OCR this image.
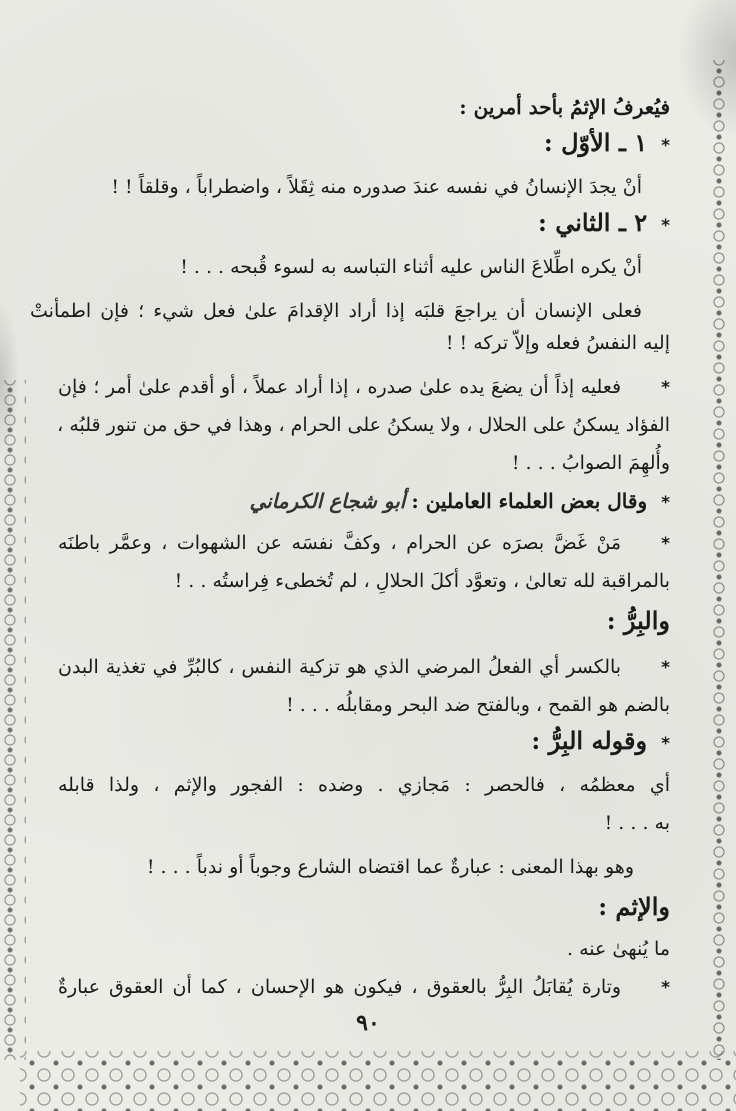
فيُعرفُ الإثمُ بأحد أمرين :
*١ ـ الأوّل :
أنْ يجدَ الإنسانُ في نفسه عندَ صدوره منه ثِقَلاً ، واضطراباً ، وقلقاً ! !
*٢ ـ الثاني :
أنْ يكره اطِّلاعَ الناس عليه أثناء التباسه به لسوء قُبحه . . . !
فعلى الإنسان أن يراجعَ قلبَه إذا أراد الإقدامَ علىٰ فعل شيء ؛ فإن اطمأنتْ
إليه النفسُ فعله وإلاّ تركه ! !
*فعليه إذاً أن يضعَ يده علىٰ صدره ، إذا أراد عملاً ، أو أقدم علىٰ أمر ؛ فإن
الفؤاد يسكنُ على الحلال ، ولا يسكنُ على الحرام ، وهذا في حق من تنور قلبُه ،
وأُلهِمَ الصوابُ . . . !
*وقال بعض العلماء العاملين :أبو شجاع الكرماني
*مَنْ غَضَّ بصرَه عن الحرام ، وكفَّ نفسَه عن الشهوات ، وعمَّر باطنَه
بالمراقبة لله تعالىٰ ، وتعوَّد أكلَ الحلالِ ، لم تُخطىء فِراستُه . . !
والبِرُّ :
*بالكسر أي الفعلُ المرضي الذي هو تزكية النفس ، كالبُرِّ في تغذية البدن
بالضم هو القمح ، وبالفتح ضد البحر ومقابلُه . . . !
*وقوله البِرُّ :
أي معظمُه ، فالحصر : مَجازي . وضده : الفجور والإثم ، ولذا قابله
به . . . !
وهو بهذا المعنى : عبارةٌ عما اقتضاه الشارع وجوباً أو ندباً . . . !
والإثم :
ما يُنهىٰ عنه .
*وتارة يُقابَلُ البِرُّ بالعقوق ، فيكون هو الإحسان ، كما أن العقوق عبارةٌ
٩٠
